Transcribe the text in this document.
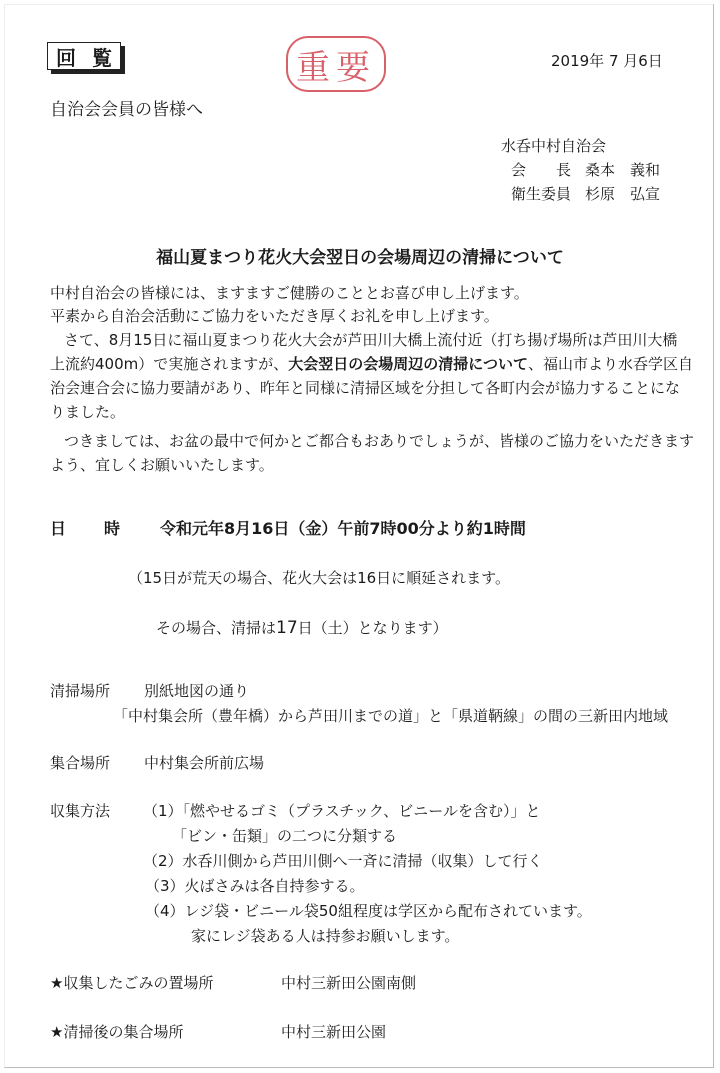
回 覧	重要	2019年 7 月6日
自治会会員の皆様へ
水呑中村自治会
会　　長 桑本　義和
衛生委員 杉原　弘宣
福山夏まつり花火大会翌日の会場周辺の清掃について
中村自治会の皆様には、ますますご健勝のこととお喜び申し上げます。
平素から自治会活動にご協力をいただき厚くお礼を申し上げます。
さて、8月15日に福山夏まつり花火大会が芦田川大橋上流付近（打ち揚げ場所は芦田川大橋
上流約400m）で実施されますが、大会翌日の会場周辺の清掃について、福山市より水呑学区自
治会連合会に協力要請があり、昨年と同様に清掃区域を分担して各町内会が協力することにな
りました。
つきましては、お盆の最中で何かとご都合もおありでしょうが、皆様のご協力をいただきます
よう、宜しくお願いいたします。
日 時 令和元年8月16日（金）午前7時00分より約1時間
（15日が荒天の場合、花火大会は16日に順延されます。
その場合、清掃は17日（土）となります）
清掃場所 別紙地図の通り
「中村集会所（豊年橋）から芦田川までの道」と「県道鞆線」の間の三新田内地域
集合場所 中村集会所前広場
収集方法 （1）「燃やせるゴミ（プラスチック、ビニールを含む）」と
「ビン・缶類」の二つに分類する
（2）水呑川側から芦田川側へ一斉に清掃（収集）して行く
（3）火ばさみは各自持参する。
（4）レジ袋・ビニール袋50組程度は学区から配布されています。
家にレジ袋ある人は持参お願いします。
★収集したごみの置場所	中村三新田公園南側
★清掃後の集合場所	中村三新田公園
